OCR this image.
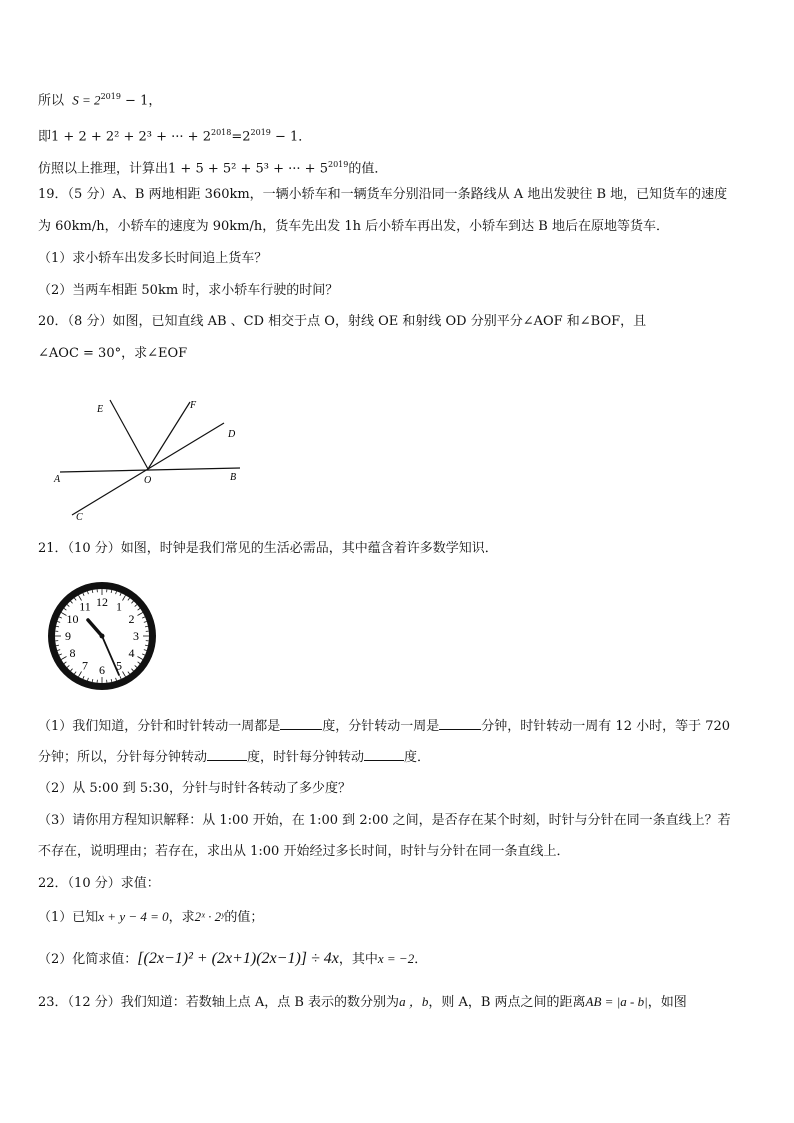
所以 $S = 2^{2019} - 1$，
即1 + 2 + 2² + 2³ + ··· + $2^{2018}=2^{2019} - 1$．
仿照以上推理，计算出1 + 5 + 5² + 5³ + ··· + $5^{2019}$的值．
19．（5 分）A、B 两地相距 360km，一辆小轿车和一辆货车分别沿同一条路线从 A 地出发驶往 B 地，已知货车的速度
为 60km/h，小轿车的速度为 90km/h，货车先出发 1h 后小轿车再出发，小轿车到达 B 地后在原地等货车．
（1）求小轿车出发多长时间追上货车？
（2）当两车相距 50km 时，求小轿车行驶的时间？
20．（8 分）如图，已知直线 AB 、CD 相交于点 O，射线 OE 和射线 OD 分别平分∠AOF 和∠BOF，且
∠AOC = 30°，求∠EOF
E	F
D
A	O	B
C
21．（10 分）如图，时钟是我们常见的生活必需品，其中蕴含着许多数学知识．
12 1
2
3
4
5
6
7
8
9
10
11
（1）我们知道，分针和时针转动一周都是	度，分针转动一周是	分钟，时针转动一周有 12 小时，等于 720
分钟；所以，分针每分钟转动	度，时针每分钟转动	度．
（2）从 5:00 到 5:30，分针与时针各转动了多少度？
（3）请你用方程知识解释：从 1:00 开始，在 1:00 到 2:00 之间，是否存在某个时刻，时针与分针在同一条直线上？若
不存在，说明理由；若存在，求出从 1:00 开始经过多长时间，时针与分针在同一条直线上．
22．（10 分）求值：
（1）已知x + y − 4 = 0，求2ˣ · 2ʸ的值；
（2）化简求值：[(2x−1)² + (2x+1)(2x−1)] ÷ 4x，其中x = −2．
23．（12 分）我们知道：若数轴上点 A，点 B 表示的数分别为a ，b，则 A，B 两点之间的距离AB = |a - b|，如图
